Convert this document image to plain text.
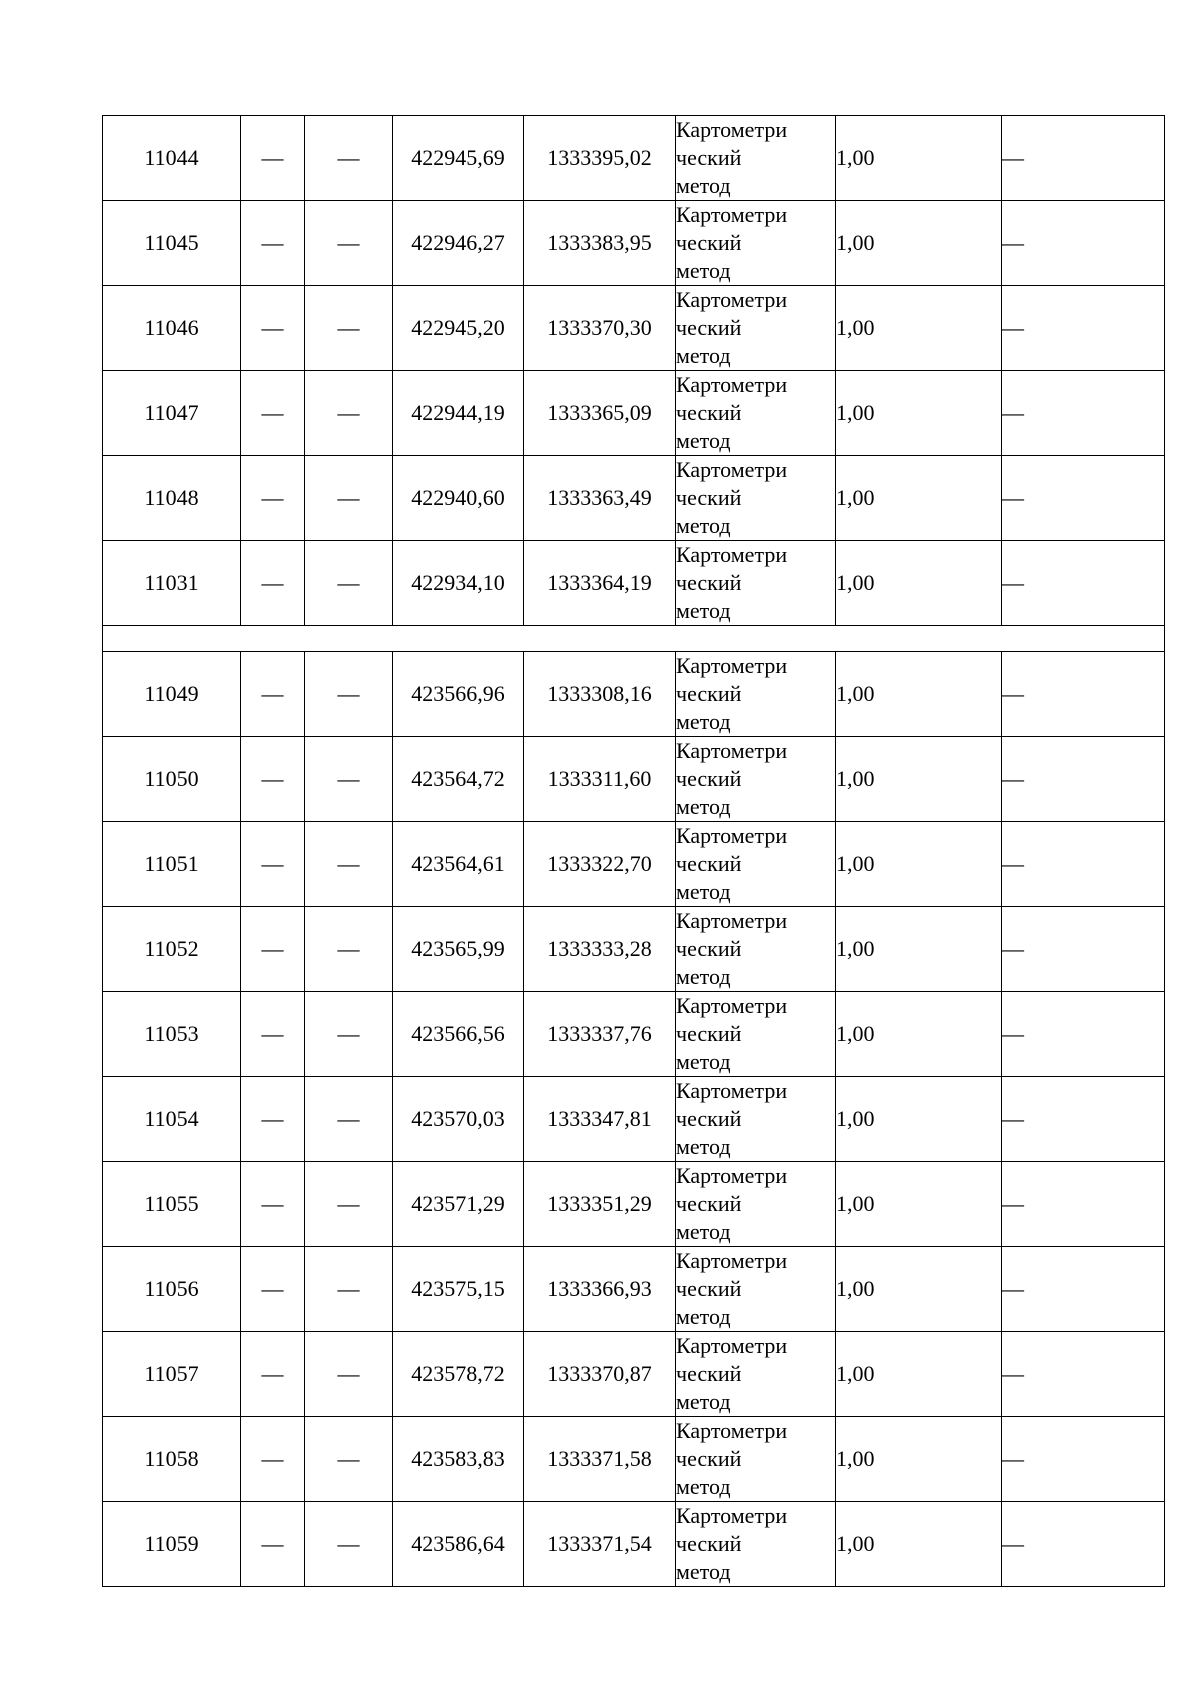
11044	—	—	422945,69	1333395,02	Картометри
ческий
метод	1,00	—
11045	—	—	422946,27	1333383,95	Картометри
ческий
метод	1,00	—
11046	—	—	422945,20	1333370,30	Картометри
ческий
метод	1,00	—
11047	—	—	422944,19	1333365,09	Картометри
ческий
метод	1,00	—
11048	—	—	422940,60	1333363,49	Картометри
ческий
метод	1,00	—
11031	—	—	422934,10	1333364,19	Картометри
ческий
метод	1,00	—

11049	—	—	423566,96	1333308,16	Картометри
ческий
метод	1,00	—
11050	—	—	423564,72	1333311,60	Картометри
ческий
метод	1,00	—
11051	—	—	423564,61	1333322,70	Картометри
ческий
метод	1,00	—
11052	—	—	423565,99	1333333,28	Картометри
ческий
метод	1,00	—
11053	—	—	423566,56	1333337,76	Картометри
ческий
метод	1,00	—
11054	—	—	423570,03	1333347,81	Картометри
ческий
метод	1,00	—
11055	—	—	423571,29	1333351,29	Картометри
ческий
метод	1,00	—
11056	—	—	423575,15	1333366,93	Картометри
ческий
метод	1,00	—
11057	—	—	423578,72	1333370,87	Картометри
ческий
метод	1,00	—
11058	—	—	423583,83	1333371,58	Картометри
ческий
метод	1,00	—
11059	—	—	423586,64	1333371,54	Картометри
ческий
метод	1,00	—
